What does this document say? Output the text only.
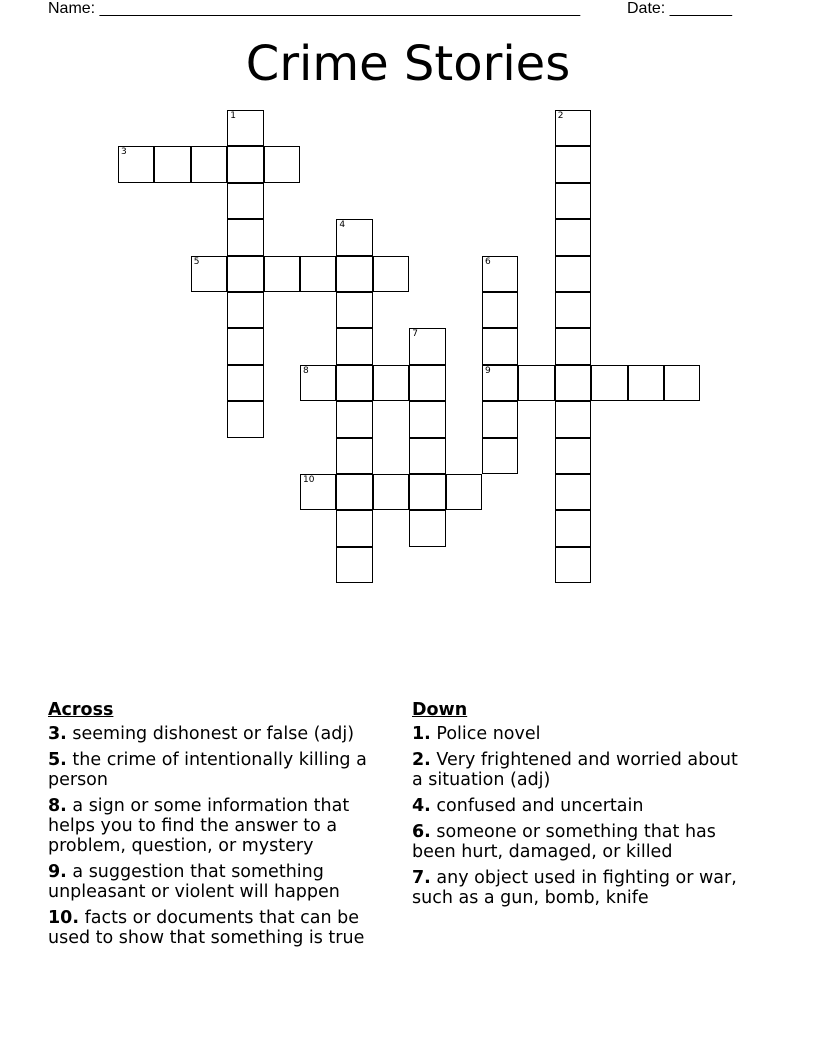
Name: ______________________________________________________	Date: _______
Crime Stories
1	2
3
4
5	6
9
7
8
10
Across
3. seeming dishonest or false (adj)
5. the crime of intentionally killing a person
8. a sign or some information that helps you to find the answer to a problem, question, or mystery
9. a suggestion that something unpleasant or violent will happen
10. facts or documents that can be used to show that something is true
Down
1. Police novel
2. Very frightened and worried about a situation (adj)
4. confused and uncertain
6. someone or something that has been hurt, damaged, or killed
7. any object used in fighting or war, such as a gun, bomb, knife
